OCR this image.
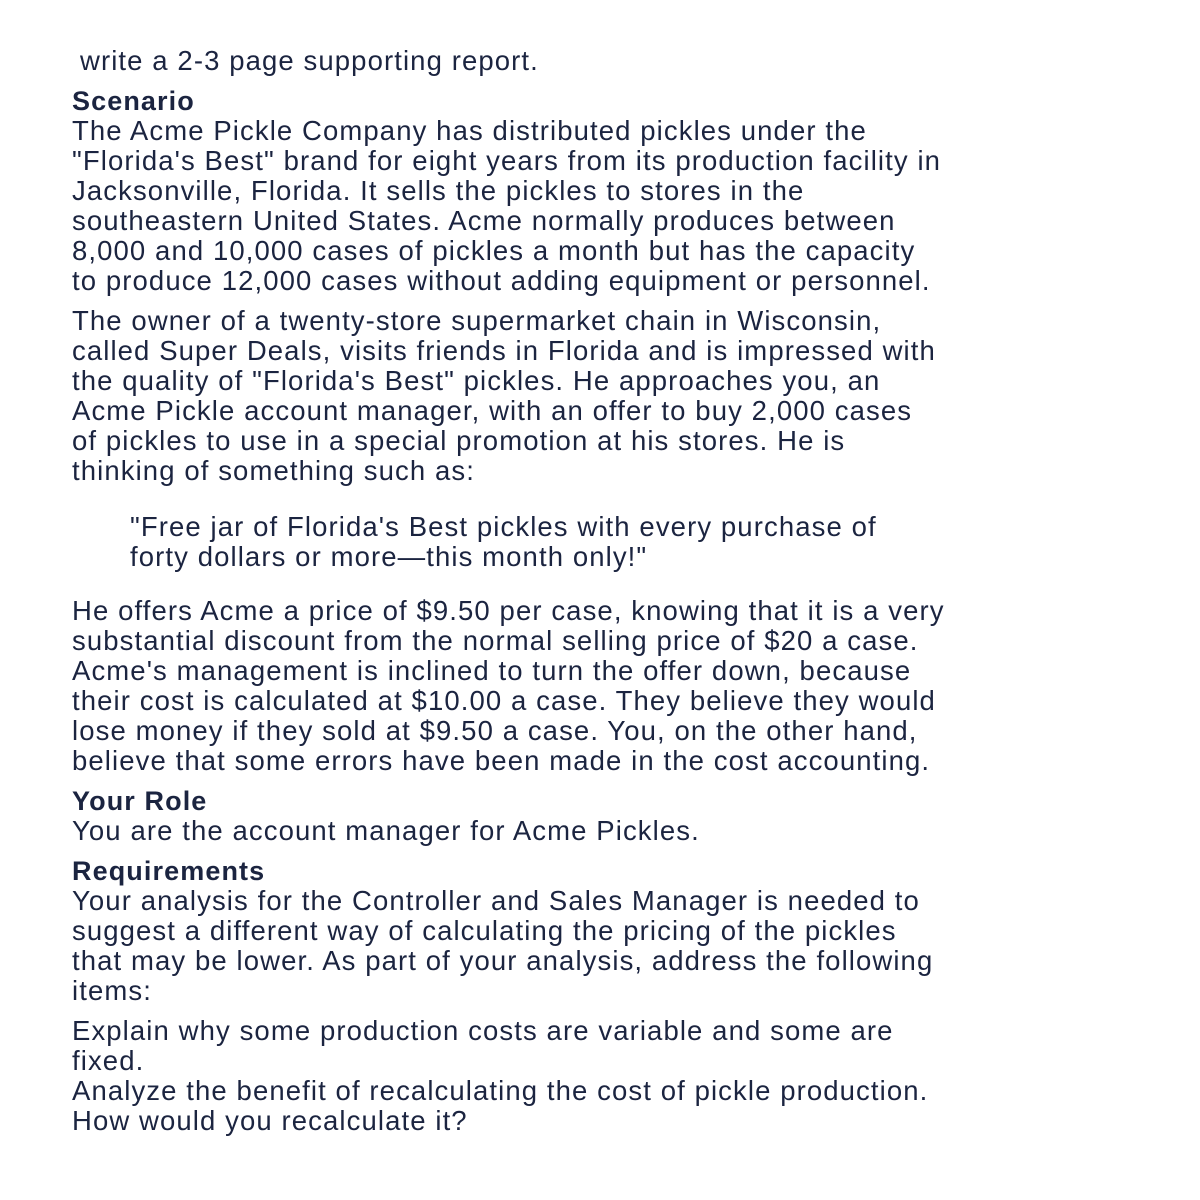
write a 2-3 page supporting report.
Scenario
The Acme Pickle Company has distributed pickles under the
"Florida's Best" brand for eight years from its production facility in
Jacksonville, Florida. It sells the pickles to stores in the
southeastern United States. Acme normally produces between
8,000 and 10,000 cases of pickles a month but has the capacity
to produce 12,000 cases without adding equipment or personnel.
The owner of a twenty-store supermarket chain in Wisconsin,
called Super Deals, visits friends in Florida and is impressed with
the quality of "Florida's Best" pickles. He approaches you, an
Acme Pickle account manager, with an offer to buy 2,000 cases
of pickles to use in a special promotion at his stores. He is
thinking of something such as:
"Free jar of Florida's Best pickles with every purchase of
forty dollars or more—this month only!"
He offers Acme a price of $9.50 per case, knowing that it is a very
substantial discount from the normal selling price of $20 a case.
Acme's management is inclined to turn the offer down, because
their cost is calculated at $10.00 a case. They believe they would
lose money if they sold at $9.50 a case. You, on the other hand,
believe that some errors have been made in the cost accounting.
Your Role
You are the account manager for Acme Pickles.
Requirements
Your analysis for the Controller and Sales Manager is needed to
suggest a different way of calculating the pricing of the pickles
that may be lower. As part of your analysis, address the following
items:
Explain why some production costs are variable and some are
fixed.
Analyze the benefit of recalculating the cost of pickle production.
How would you recalculate it?
